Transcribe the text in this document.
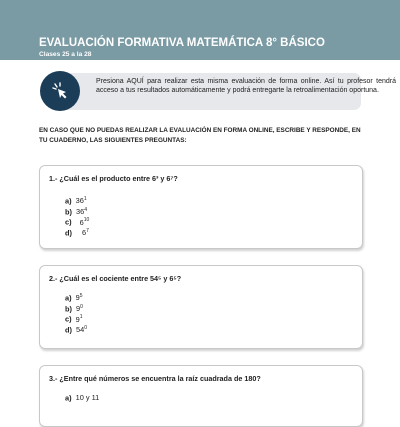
EVALUACIÓN FORMATIVA MATEMÁTICA 8° BÁSICO
Clases 25 a la 28
Presiona AQUÍ para realizar esta misma evaluación de forma online. Así tu profesor tendrá acceso a tus resultados automáticamente y podrá entregarte la retroalimentación oportuna.
EN CASO QUE NO PUEDAS REALIZAR LA EVALUACIÓN EN FORMA ONLINE, ESCRIBE Y RESPONDE, EN TU CUADERNO, LAS SIGUIENTES PREGUNTAS:
1.- ¿Cuál es el producto entre 6³ y 6⁷?
a) $36^1$
b) $36^4$
c) $6^{10}$
d) $6^7$
2.- ¿Cuál es el cociente entre 54⁵ y 6⁵?
a) $9^5$
b) $9^0$
c) $9^1$
d) $54^0$
3.- ¿Entre qué números se encuentra la raíz cuadrada de 180?
a) 10 y 11
